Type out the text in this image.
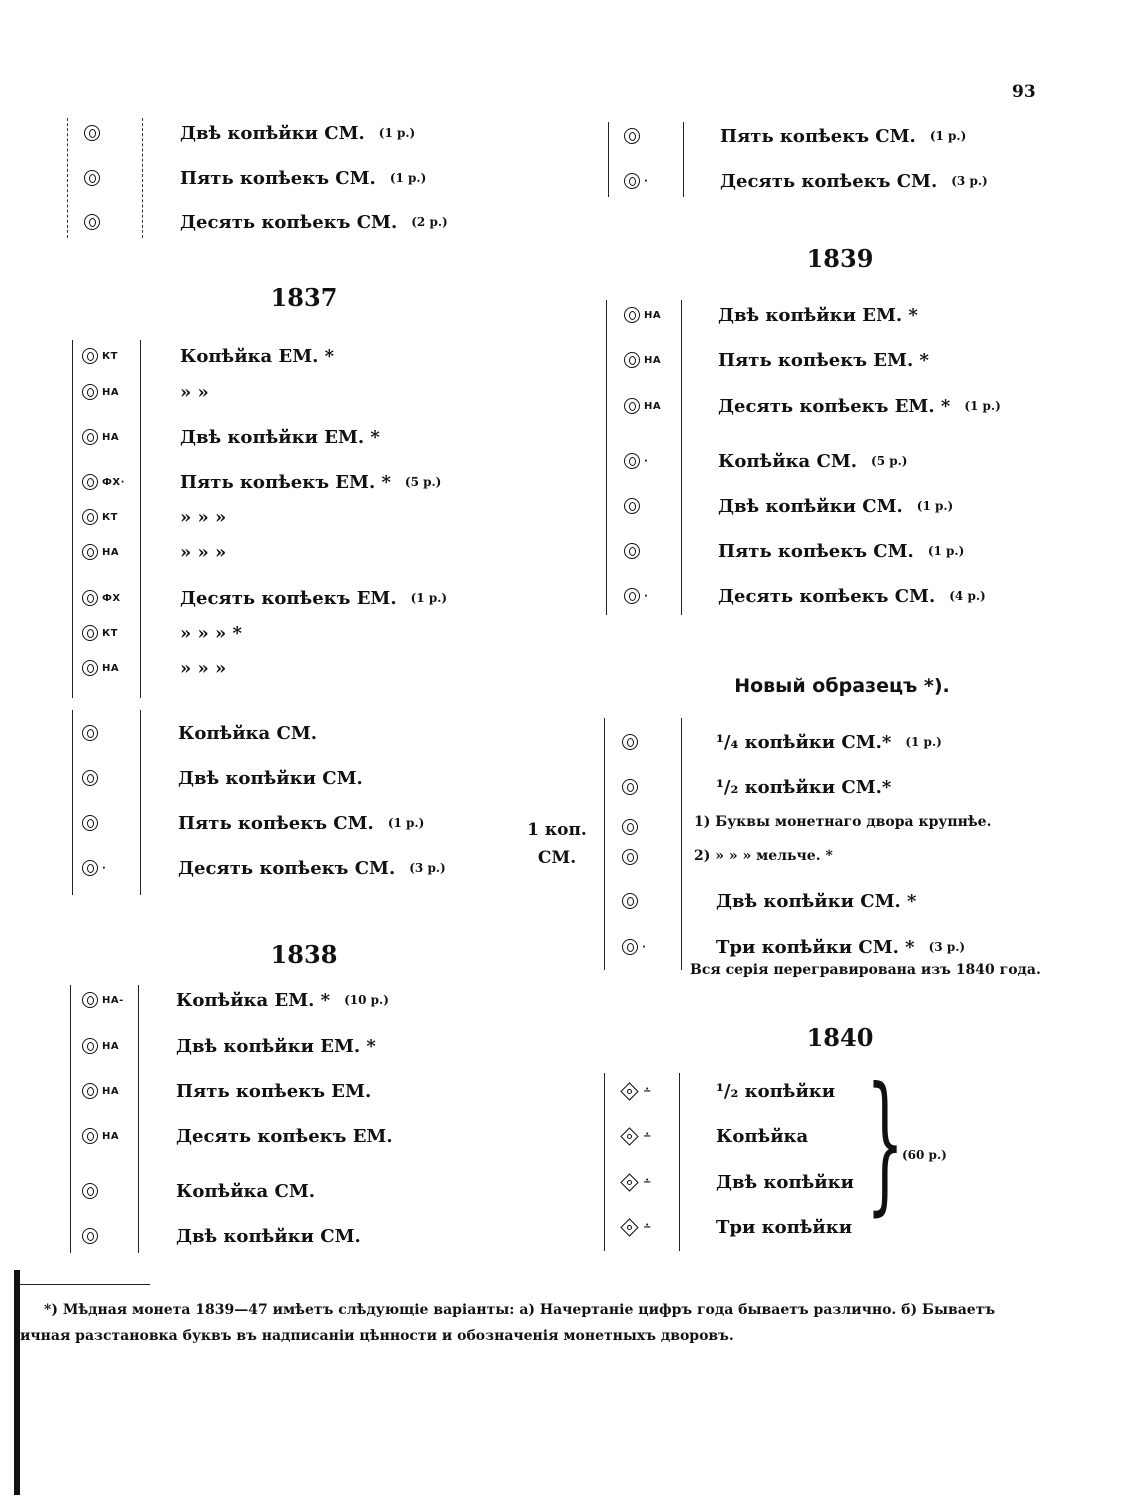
93
1837
1838
1839
Новый образецъ *).
1 коп.
СМ.
1) Буквы монетнаго двора крупнѣе.
2) » » » мельче. *
Вся серія перегравирована изъ 1840 года.
1840
}
(60 р.)
*) Мѣдная монета 1839—47 имѣетъ слѣдующіе варіанты: а) Начертаніе цифръ года бываетъ различно. б) Бываетъ
ичная разстановка буквъ въ надписаніи цѣнности и обозначенія монетныхъ дворовъ.
Двѣ копѣйки СМ. (1 р.)
Пять копѣекъ СМ. (1 р.)
Десять копѣекъ СМ. (2 р.)
КТ	Копѣйка ЕМ. *
НА	» »
НА	Двѣ копѣйки ЕМ. *
ФХ·	Пять копѣекъ ЕМ. * (5 р.)
КТ	» » »
НА	» » »
ФХ	Десять копѣекъ ЕМ. (1 р.)
КТ	» » » *
НА	» » »
Копѣйка СМ.
Двѣ копѣйки СМ.
Пять копѣекъ СМ. (1 р.)
·	Десять копѣекъ СМ. (3 р.)
НА-	Копѣйка ЕМ. * (10 р.)
НА	Двѣ копѣйки ЕМ. *
НА	Пять копѣекъ ЕМ.
НА	Десять копѣекъ ЕМ.
Копѣйка СМ.
Двѣ копѣйки СМ.
Пять копѣекъ СМ. (1 р.)
·	Десять копѣекъ СМ. (3 р.)
НА	Двѣ копѣйки ЕМ. *
НА	Пять копѣекъ ЕМ. *
НА	Десять копѣекъ ЕМ. * (1 р.)
·	Копѣйка СМ. (5 р.)
Двѣ копѣйки СМ. (1 р.)
Пять копѣекъ СМ. (1 р.)
·	Десять копѣекъ СМ. (4 р.)
¹/₄ копѣйки СМ.* (1 р.)
¹/₂ копѣйки СМ.*
Двѣ копѣйки СМ. *
·	Три копѣйки СМ. * (3 р.)
∸	¹/₂ копѣйки
∸	Копѣйка
∸	Двѣ копѣйки
∸	Три копѣйки
